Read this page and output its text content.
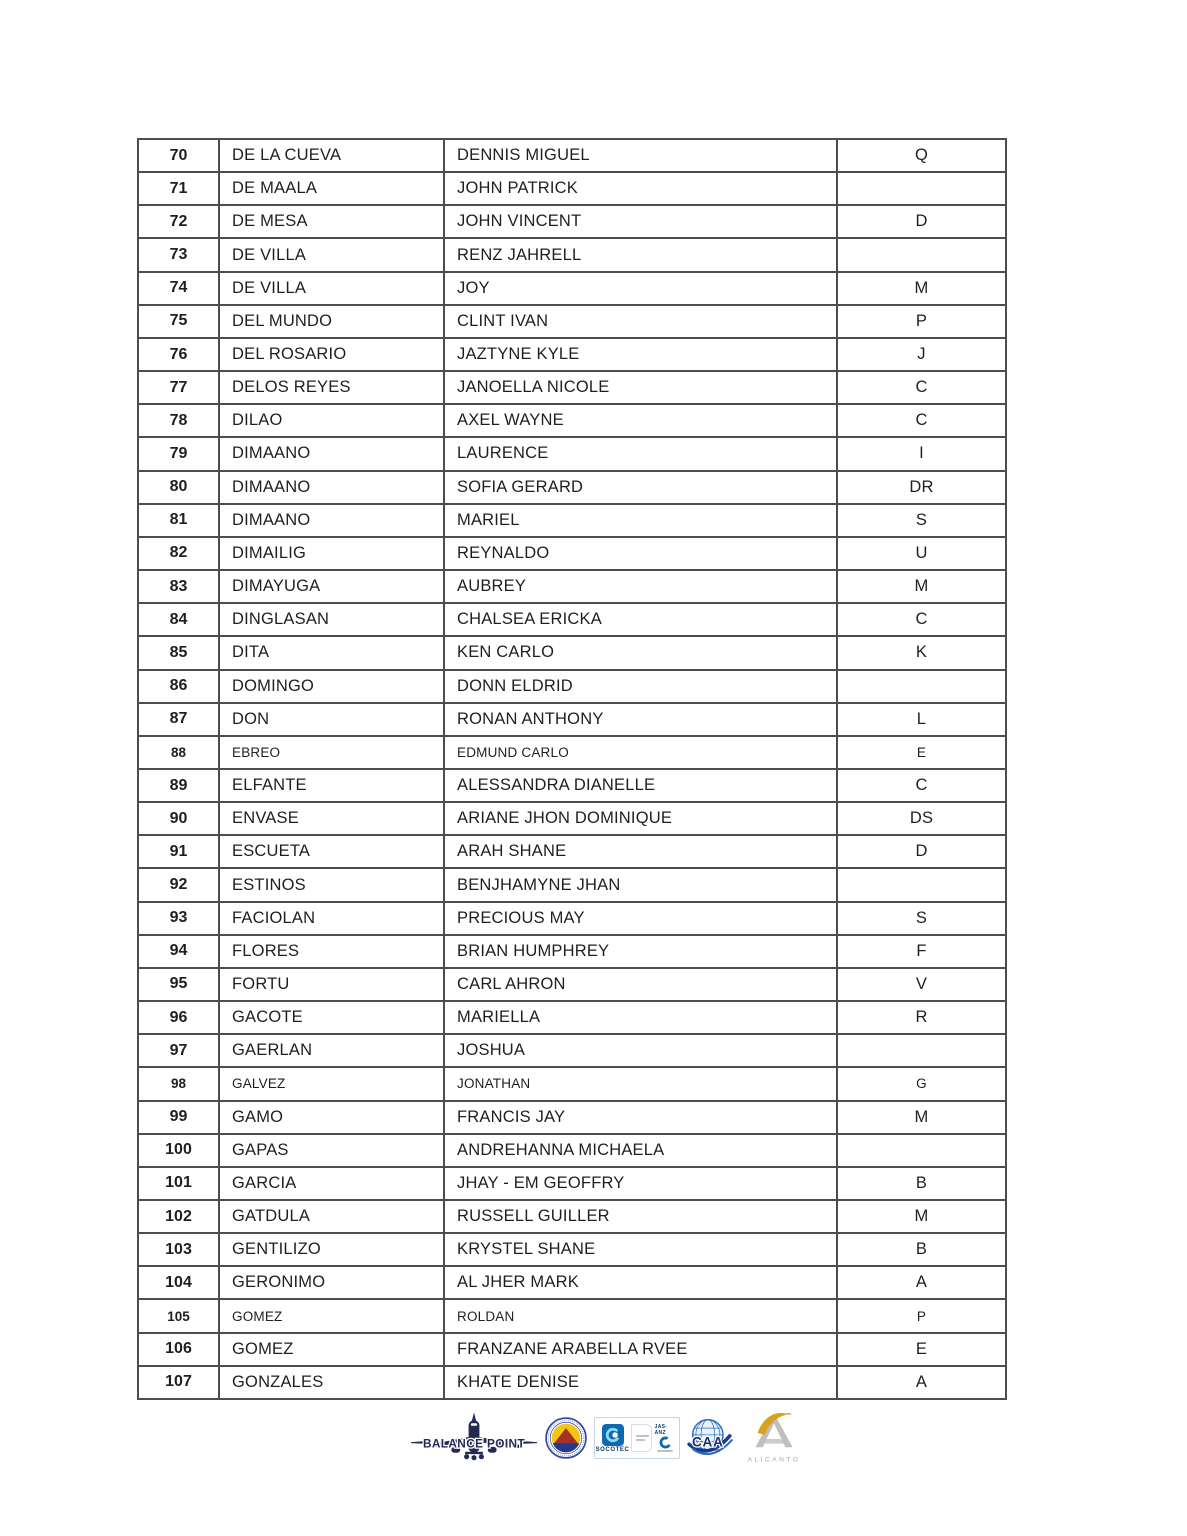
70	DE LA CUEVA	DENNIS MIGUEL	Q
71	DE MAALA	JOHN PATRICK	
72	DE MESA	JOHN VINCENT	D
73	DE VILLA	RENZ JAHRELL	
74	DE VILLA	JOY	M
75	DEL MUNDO	CLINT IVAN	P
76	DEL ROSARIO	JAZTYNE KYLE	J
77	DELOS REYES	JANOELLA NICOLE	C
78	DILAO	AXEL WAYNE	C
79	DIMAANO	LAURENCE	I
80	DIMAANO	SOFIA GERARD	DR
81	DIMAANO	MARIEL	S
82	DIMAILIG	REYNALDO	U
83	DIMAYUGA	AUBREY	M
84	DINGLASAN	CHALSEA ERICKA	C
85	DITA	KEN CARLO	K
86	DOMINGO	DONN ELDRID	
87	DON	RONAN ANTHONY	L
88	EBREO	EDMUND CARLO	E
89	ELFANTE	ALESSANDRA DIANELLE	C
90	ENVASE	ARIANE JHON DOMINIQUE	DS
91	ESCUETA	ARAH SHANE	D
92	ESTINOS	BENJHAMYNE JHAN	
93	FACIOLAN	PRECIOUS MAY	S
94	FLORES	BRIAN HUMPHREY	F
95	FORTU	CARL AHRON	V
96	GACOTE	MARIELLA	R
97	GAERLAN	JOSHUA	
98	GALVEZ	JONATHAN	G
99	GAMO	FRANCIS JAY	M
100	GAPAS	ANDREHANNA MICHAELA	
101	GARCIA	JHAY - EM GEOFFRY	B
102	GATDULA	RUSSELL GUILLER	M
103	GENTILIZO	KRYSTEL SHANE	B
104	GERONIMO	AL JHER MARK	A
105	GOMEZ	ROLDAN	P
106	GOMEZ	FRANZANE ARABELLA RVEE	E
107	GONZALES	KHATE DENISE	A
BALANCE POINT	SOCOTEC
JAS-ANZ
CAA
ALICANTO
